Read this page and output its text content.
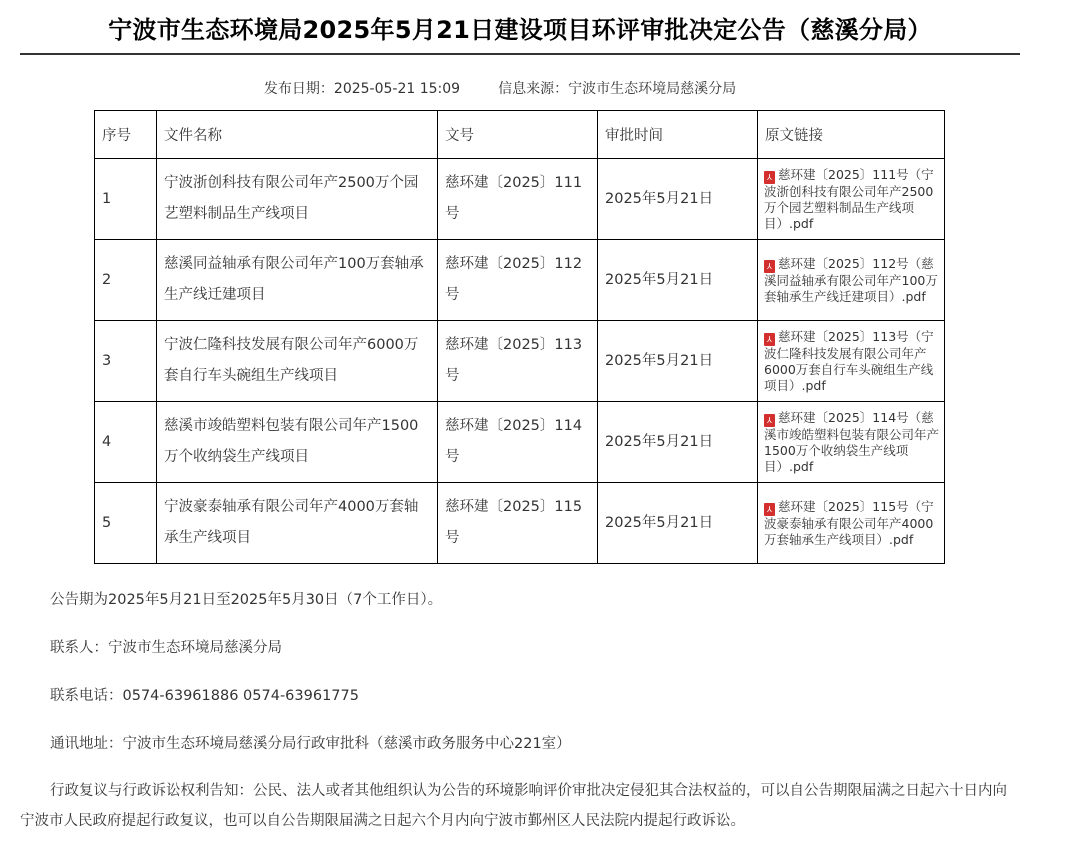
宁波市生态环境局2025年5月21日建设项目环评审批决定公告（慈溪分局）
发布日期：2025-05-21 15:09	信息来源：宁波市生态环境局慈溪分局
序号	文件名称	文号	审批时间	原文链接
1	宁波浙创科技有限公司年产2500万个园艺塑料制品生产线项目	慈环建〔2025〕111号	2025年5月21日	⅄ 慈环建〔2025〕111号（宁波浙创科技有限公司年产2500万个园艺塑料制品生产线项目）.pdf
2	慈溪同益轴承有限公司年产100万套轴承生产线迁建项目	慈环建〔2025〕112号	2025年5月21日	⅄ 慈环建〔2025〕112号（慈溪同益轴承有限公司年产100万套轴承生产线迁建项目）.pdf
3	宁波仁隆科技发展有限公司年产6000万套自行车头碗组生产线项目	慈环建〔2025〕113号	2025年5月21日	⅄ 慈环建〔2025〕113号（宁波仁隆科技发展有限公司年产6000万套自行车头碗组生产线项目）.pdf
4	慈溪市竣皓塑料包装有限公司年产1500万个收纳袋生产线项目	慈环建〔2025〕114号	2025年5月21日	⅄ 慈环建〔2025〕114号（慈溪市竣皓塑料包装有限公司年产1500万个收纳袋生产线项目）.pdf
5	宁波豪泰轴承有限公司年产4000万套轴承生产线项目	慈环建〔2025〕115号	2025年5月21日	⅄ 慈环建〔2025〕115号（宁波豪泰轴承有限公司年产4000万套轴承生产线项目）.pdf
公告期为2025年5月21日至2025年5月30日（7个工作日）。
联系人：宁波市生态环境局慈溪分局
联系电话：0574-63961886 0574-63961775
通讯地址：宁波市生态环境局慈溪分局行政审批科（慈溪市政务服务中心221室）
行政复议与行政诉讼权利告知：公民、法人或者其他组织认为公告的环境影响评价审批决定侵犯其合法权益的，可以自公告期限届满之日起六十日内向宁波市人民政府提起行政复议，也可以自公告期限届满之日起六个月内向宁波市鄞州区人民法院内提起行政诉讼。
